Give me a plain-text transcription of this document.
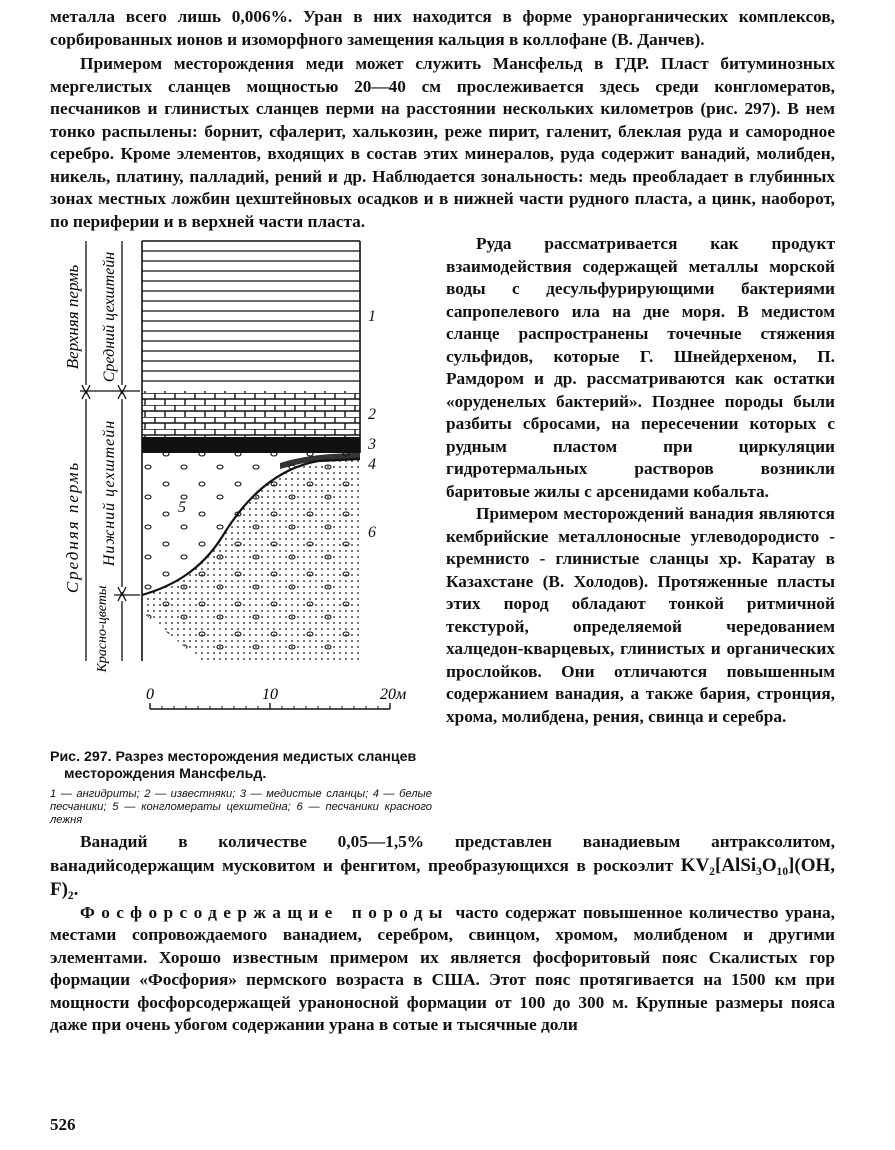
металла всего лишь 0,006%. Уран в них находится в форме уранорганических комплексов, сорбированных ионов и изоморфного замещения кальция в коллофане (В. Данчев).

Примером месторождения меди может служить Мансфельд в ГДР. Пласт битуминозных мергелистых сланцев мощностью 20—40 см прослеживается здесь среди конгломератов, песчаников и глинистых сланцев перми на расстоянии нескольких километров (рис. 297). В нем тонко распылены: борнит, сфалерит, халькозин, реже пирит, галенит, блеклая руда и самородное серебро. Кроме элементов, входящих в состав этих минералов, руда содержит ванадий, молибден, никель, платину, палладий, рений и др. Наблюдается зональность: медь преобладает в глубинных зонах местных ложбин цехштейновых осадков и в нижней части рудного пласта, а цинк, наоборот, по периферии и в верхней части пласта.

Верхняя пермь Средний цехштейн
Средняя пермь Нижний цехштейн
Красно-цветы
1
2
3
4
5
6
0	10	20м
Рис. 297. Разрез месторождения медистых сланцев месторождения Мансфельд.
1 — ангидриты; 2 — известняки; 3 — медистые сланцы; 4 — белые песчаники; 5 — конгломераты цехштейна; 6 — песчаники красного лежня

Руда рассматривается как продукт взаимодействия содержащей металлы морской воды с десульфурирующими бактериями сапропелевого ила на дне моря. В медистом сланце распространены точечные стяжения сульфидов, которые Г. Шнейдерхеном, П. Рамдором и др. рассматриваются как остатки «оруденелых бактерий». Позднее породы были разбиты сбросами, на пересечении которых с рудным пластом при циркуляции гидротермальных растворов возникли баритовые жилы с арсенидами кобальта.

Примером месторождений ванадия являются кембрийские металлоносные углеводородисто - кремнисто - глинистые сланцы хр. Каратау в Казахстане (В. Холодов). Протяженные пласты этих пород обладают тонкой ритмичной текстурой, определяемой чередованием халцедон-кварцевых, глинистых и органических прослойков. Они отличаются повышенным содержанием ванадия, а также бария, стронция, хрома, молибдена, рения, свинца и серебра.

Ванадий в количестве 0,05—1,5% представлен ванадиевым антракcолитом, ванадийсодержащим мусковитом и фенгитом, преобразующихся в роскоэлит KV₂[AlSi₃O₁₀](OH, F)₂.

Фосфорсодержащие породы часто содержат повышенное количество урана, местами сопровождаемого ванадием, серебром, свинцом, хромом, молибденом и другими элементами. Хорошо известным примером их является фосфоритовый пояс Скалистых гор формации «Фосфория» пермского возраста в США. Этот пояс протягивается на 1500 км при мощности фосфорсодержащей ураноносной формации от 100 до 300 м. Крупные размеры пояса даже при очень убогом содержании урана в сотые и тысячные доли

526
